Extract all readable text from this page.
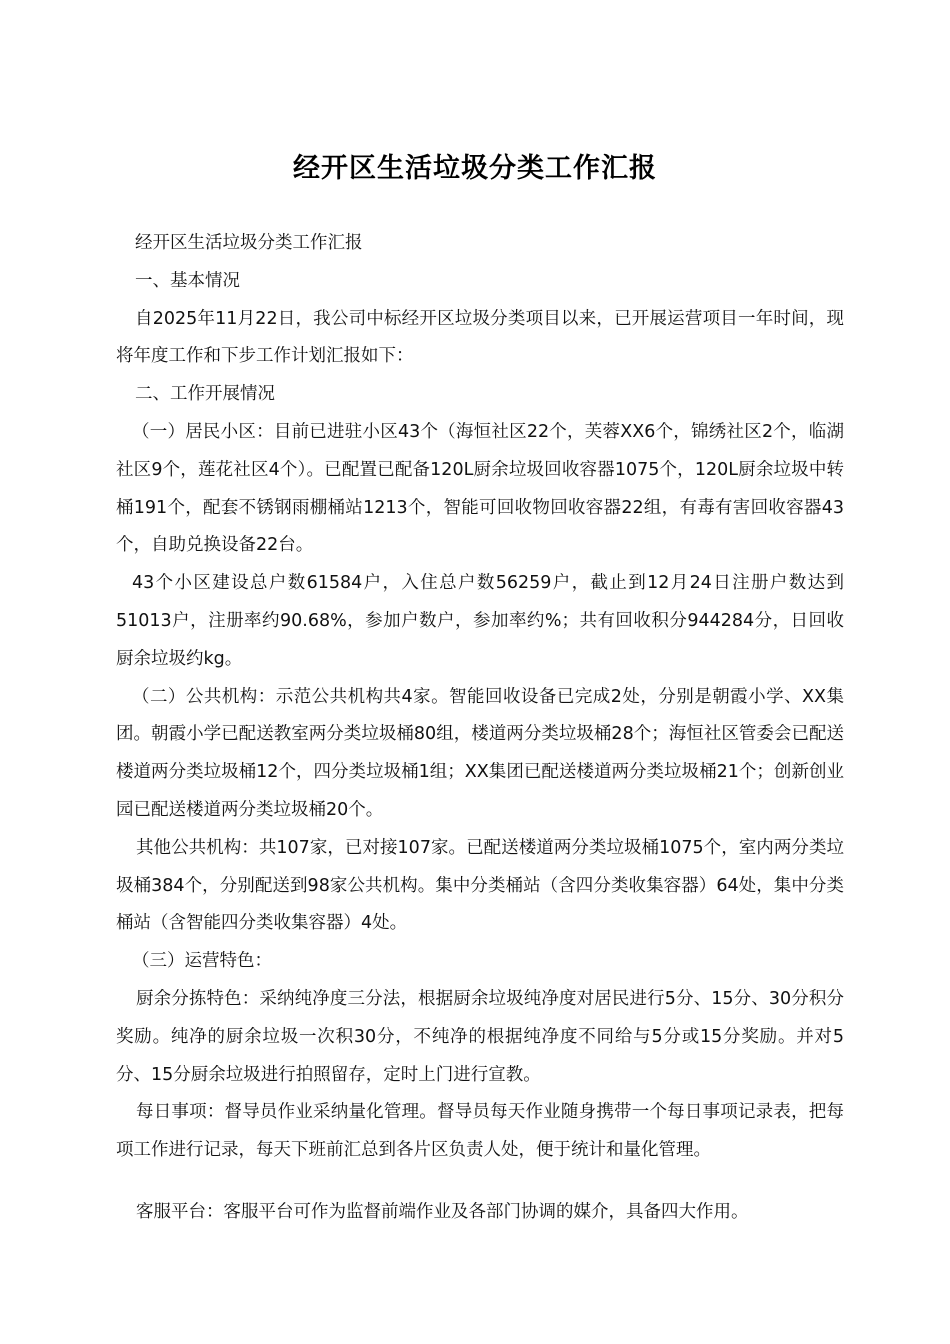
经开区生活垃圾分类工作汇报

经开区生活垃圾分类工作汇报

一、基本情况

自2025年11月22日，我公司中标经开区垃圾分类项目以来，已开展运营项目一年时间，现将年度工作和下步工作计划汇报如下：

二、工作开展情况

（一）居民小区：目前已进驻小区43个（海恒社区22个，芙蓉XX6个，锦绣社区2个，临湖社区9个，莲花社区4个）。已配置已配备120L厨余垃圾回收容器1075个，120L厨余垃圾中转桶191个，配套不锈钢雨棚桶站1213个，智能可回收物回收容器22组，有毒有害回收容器43个，自助兑换设备22台。

43个小区建设总户数61584户，入住总户数56259户，截止到12月24日注册户数达到51013户，注册率约90.68%，参加户数户，参加率约%；共有回收积分944284分，日回收厨余垃圾约kg。

（二）公共机构：示范公共机构共4家。智能回收设备已完成2处，分别是朝霞小学、XX集团。朝霞小学已配送教室两分类垃圾桶80组，楼道两分类垃圾桶28个；海恒社区管委会已配送楼道两分类垃圾桶12个，四分类垃圾桶1组；XX集团已配送楼道两分类垃圾桶21个；创新创业园已配送楼道两分类垃圾桶20个。

其他公共机构：共107家，已对接107家。已配送楼道两分类垃圾桶1075个，室内两分类垃圾桶384个，分别配送到98家公共机构。集中分类桶站（含四分类收集容器）64处，集中分类桶站（含智能四分类收集容器）4处。

（三）运营特色：

厨余分拣特色：采纳纯净度三分法，根据厨余垃圾纯净度对居民进行5分、15分、30分积分奖励。纯净的厨余垃圾一次积30分，不纯净的根据纯净度不同给与5分或15分奖励。并对5分、15分厨余垃圾进行拍照留存，定时上门进行宣教。

每日事项：督导员作业采纳量化管理。督导员每天作业随身携带一个每日事项记录表，把每项工作进行记录，每天下班前汇总到各片区负责人处，便于统计和量化管理。

客服平台：客服平台可作为监督前端作业及各部门协调的媒介，具备四大作用。
